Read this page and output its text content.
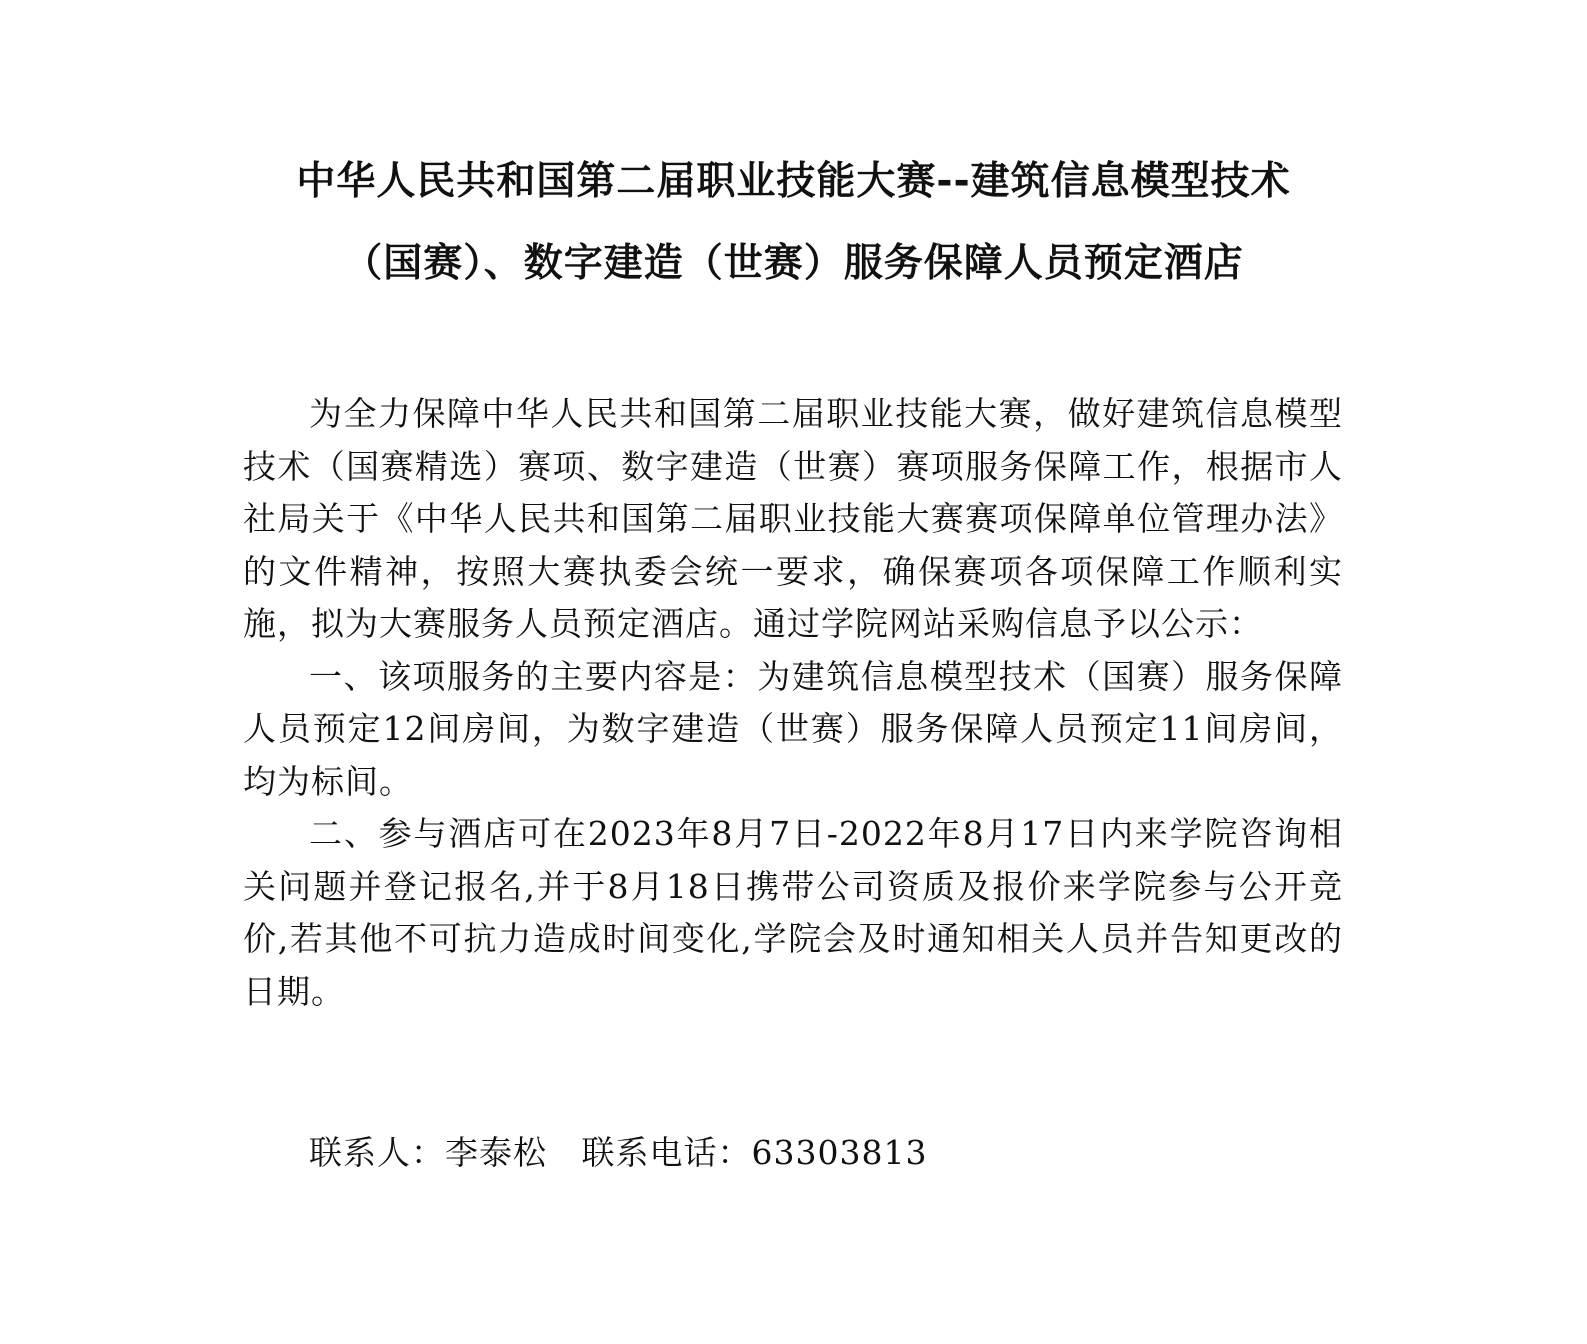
中华人民共和国第二届职业技能大赛--建筑信息模型技术
（国赛）、数字建造（世赛）服务保障人员预定酒店

为全力保障中华人民共和国第二届职业技能大赛，做好建筑信息模型技术（国赛精选）赛项、数字建造（世赛）赛项服务保障工作，根据市人社局关于《中华人民共和国第二届职业技能大赛赛项保障单位管理办法》的文件精神，按照大赛执委会统一要求，确保赛项各项保障工作顺利实施，拟为大赛服务人员预定酒店。通过学院网站采购信息予以公示：

一、该项服务的主要内容是：为建筑信息模型技术（国赛）服务保障人员预定12间房间，为数字建造（世赛）服务保障人员预定11间房间，均为标间。

二、参与酒店可在2023年8月7日-2022年8月17日内来学院咨询相关问题并登记报名,并于8月18日携带公司资质及报价来学院参与公开竞价,若其他不可抗力造成时间变化,学院会及时通知相关人员并告知更改的日期。

联系人：李泰松 联系电话：63303813
